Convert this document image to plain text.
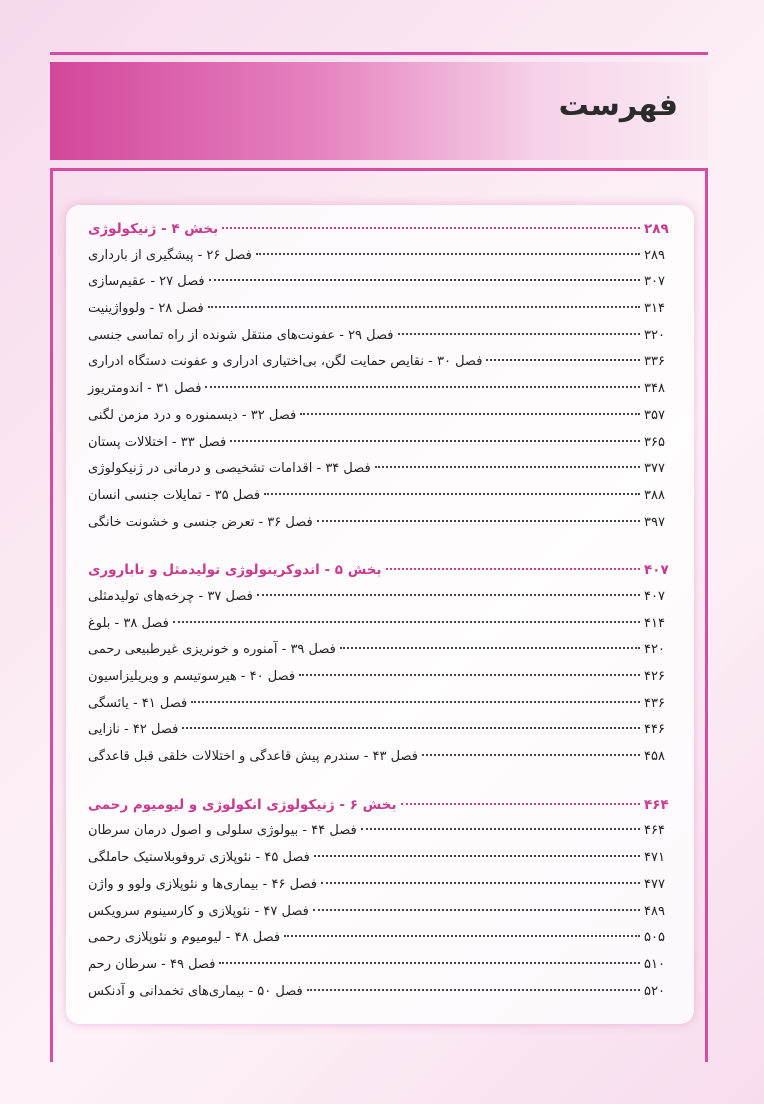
فهرست
بخش ۴ - ژنیکولوژی	۲۸۹
فصل ۲۶ - پیشگیری از بارداری	۲۸۹
فصل ۲۷ - عقیم‌سازی	۳۰۷
فصل ۲۸ - ولوواژینیت	۳۱۴
فصل ۲۹ - عفونت‌های منتقل شونده از راه تماسی جنسی	۳۲۰
فصل ۳۰ - نقایص حمایت لگن، بی‌اختیاری ادراری و عفونت دستگاه ادراری	۳۳۶
فصل ۳۱ - اندومتریوز	۳۴۸
فصل ۳۲ - دیسمنوره و درد مزمن لگنی	۳۵۷
فصل ۳۳ - اختلالات پستان	۳۶۵
فصل ۳۴ - اقدامات تشخیصی و درمانی در ژنیکولوژی	۳۷۷
فصل ۳۵ - تمایلات جنسی انسان	۳۸۸
فصل ۳۶ - تعرض جنسی و خشونت خانگی	۳۹۷
بخش ۵ - اندوکرینولوژی تولیدمثل و ناباروری	۴۰۷
فصل ۳۷ - چرخه‌های تولیدمثلی	۴۰۷
فصل ۳۸ - بلوغ	۴۱۴
فصل ۳۹ - آمنوره و خونریزی غیرطبیعی رحمی	۴۲۰
فصل ۴۰ - هیرسوتیسم و ویریلیزاسیون	۴۲۶
فصل ۴۱ - یائسگی	۴۳۶
فصل ۴۲ - نازایی	۴۴۶
فصل ۴۳ - سندرم پیش قاعدگی و اختلالات خلقی قبل قاعدگی	۴۵۸
بخش ۶ - ژنیکولوژی انکولوژی و لیومیوم رحمی	۴۶۴
فصل ۴۴ - بیولوژی سلولی و اصول درمان سرطان	۴۶۴
فصل ۴۵ - نئوپلازی تروفوبلاستیک حاملگی	۴۷۱
فصل ۴۶ - بیماری‌ها و نئوپلازی ولوو و واژن	۴۷۷
فصل ۴۷ - نئوپلازی و کارسینوم سرویکس	۴۸۹
فصل ۴۸ - لیومیوم و نئوپلازی رحمی	۵۰۵
فصل ۴۹ - سرطان رحم	۵۱۰
فصل ۵۰ - بیماری‌های تخمدانی و آدنکس	۵۲۰
